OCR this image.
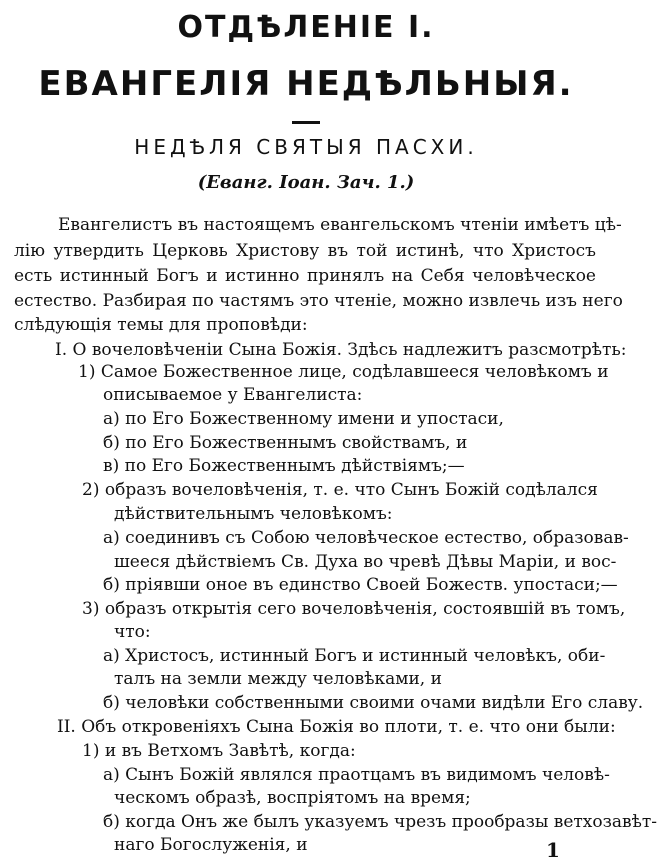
ОТДѢЛЕНІЕ I.
ЕВАНГЕЛІЯ НЕДѢЛЬНЫЯ.
НЕДѢЛЯ СВЯТЫЯ ПАСХИ.
(Еванг. Іоан. Зач. 1.)
Евангелистъ въ настоящемъ евангельскомъ чтеніи имѣетъ цѣ-
лію утвердить Церковь Христову въ той истинѣ, что Христосъ
есть истинный Богъ и истинно принялъ на Себя человѣческое
естество. Разбирая по частямъ это чтеніе, можно извлечь изъ него
слѣдующія темы для проповѣди:
I. О вочеловѣченіи Сына Божія. Здѣсь надлежитъ разсмотрѣть:
1) Самое Божественное лице, содѣлавшееся человѣкомъ и
описываемое у Евангелиста:
а) по Его Божественному имени и упостаси,
б) по Его Божественнымъ свойствамъ, и
в) по Его Божественнымъ дѣйствіямъ;—
2) образъ вочеловѣченія, т. е. что Сынъ Божій содѣлался
дѣйствительнымъ человѣкомъ:
а) соединивъ съ Собою человѣческое естество, образовав-
шееся дѣйствіемъ Св. Духа во чревѣ Дѣвы Маріи, и вос-
б) пріявши оное въ единство Своей Божеств. упостаси;—
3) образъ открытія сего вочеловѣченія, состоявшій въ томъ,
что:
а) Христосъ, истинный Богъ и истинный человѣкъ, оби-
талъ на земли между человѣками, и
б) человѣки собственными своими очами видѣли Его славу.
II. Объ откровеніяхъ Сына Божія во плоти, т. е. что они были:
1) и въ Ветхомъ Завѣтѣ, когда:
а) Сынъ Божій являлся праотцамъ въ видимомъ человѣ-
ческомъ образѣ, воспріятомъ на время;
б) когда Онъ же былъ указуемъ чрезъ прообразы ветхозавѣт-
наго Богослуженія, и	1
